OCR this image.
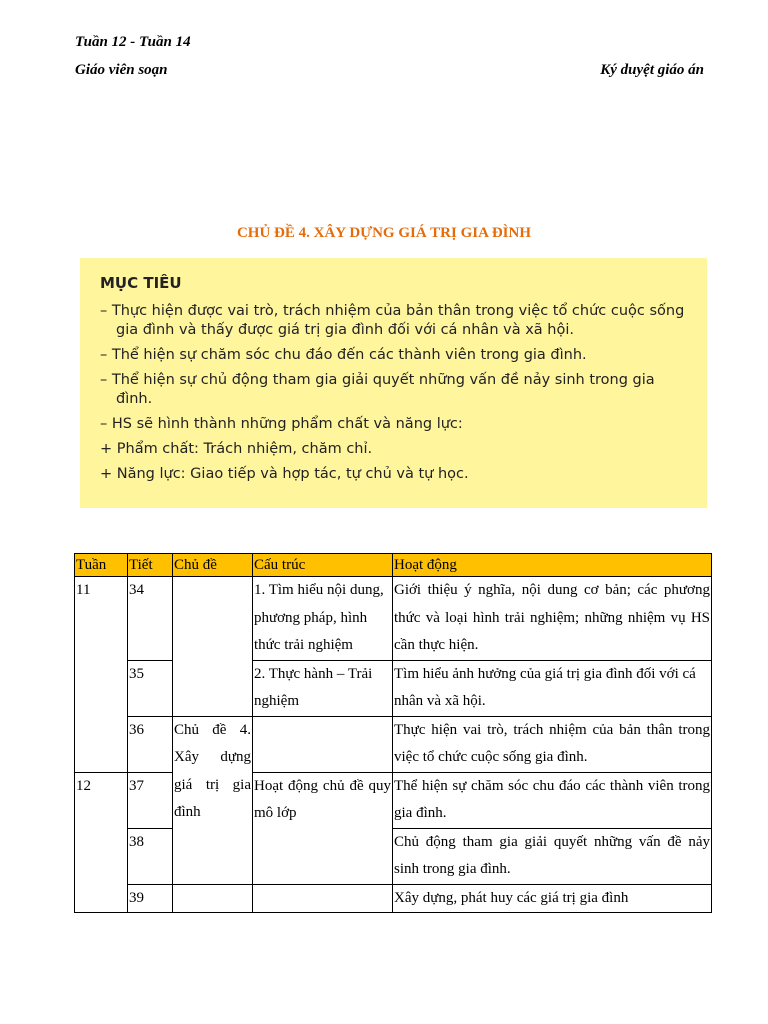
Tuần 12 - Tuần 14
Giáo viên soạn	Ký duyệt giáo án
CHỦ ĐỀ 4. XÂY DỰNG GIÁ TRỊ GIA ĐÌNH
MỤC TIÊU
– Thực hiện được vai trò, trách nhiệm của bản thân trong việc tổ chức cuộc sống gia đình và thấy được giá trị gia đình đối với cá nhân và xã hội.
– Thể hiện sự chăm sóc chu đáo đến các thành viên trong gia đình.
– Thể hiện sự chủ động tham gia giải quyết những vấn đề nảy sinh trong gia đình.
– HS sẽ hình thành những phẩm chất và năng lực:
+ Phẩm chất: Trách nhiệm, chăm chỉ.
+ Năng lực: Giao tiếp và hợp tác, tự chủ và tự học.
Tuần	Tiết	Chủ đề	Cấu trúc	Hoạt động
11	34		1. Tìm hiểu nội dung, phương pháp, hình thức trải nghiệm	Giới thiệu ý nghĩa, nội dung cơ bản; các phương thức và loại hình trải nghiệm; những nhiệm vụ HS cần thực hiện.
	35		2. Thực hành – Trải nghiệm	Tìm hiểu ảnh hưởng của giá trị gia đình đối với cá nhân và xã hội.
	36	Chủ đề 4. Xây dựng giá trị gia đình		Thực hiện vai trò, trách nhiệm của bản thân trong việc tổ chức cuộc sống gia đình.
12	37		Hoạt động chủ đề quy mô lớp	Thể hiện sự chăm sóc chu đáo các thành viên trong gia đình.
	38			Chủ động tham gia giải quyết những vấn đề nảy sinh trong gia đình.
	39			Xây dựng, phát huy các giá trị gia đình
